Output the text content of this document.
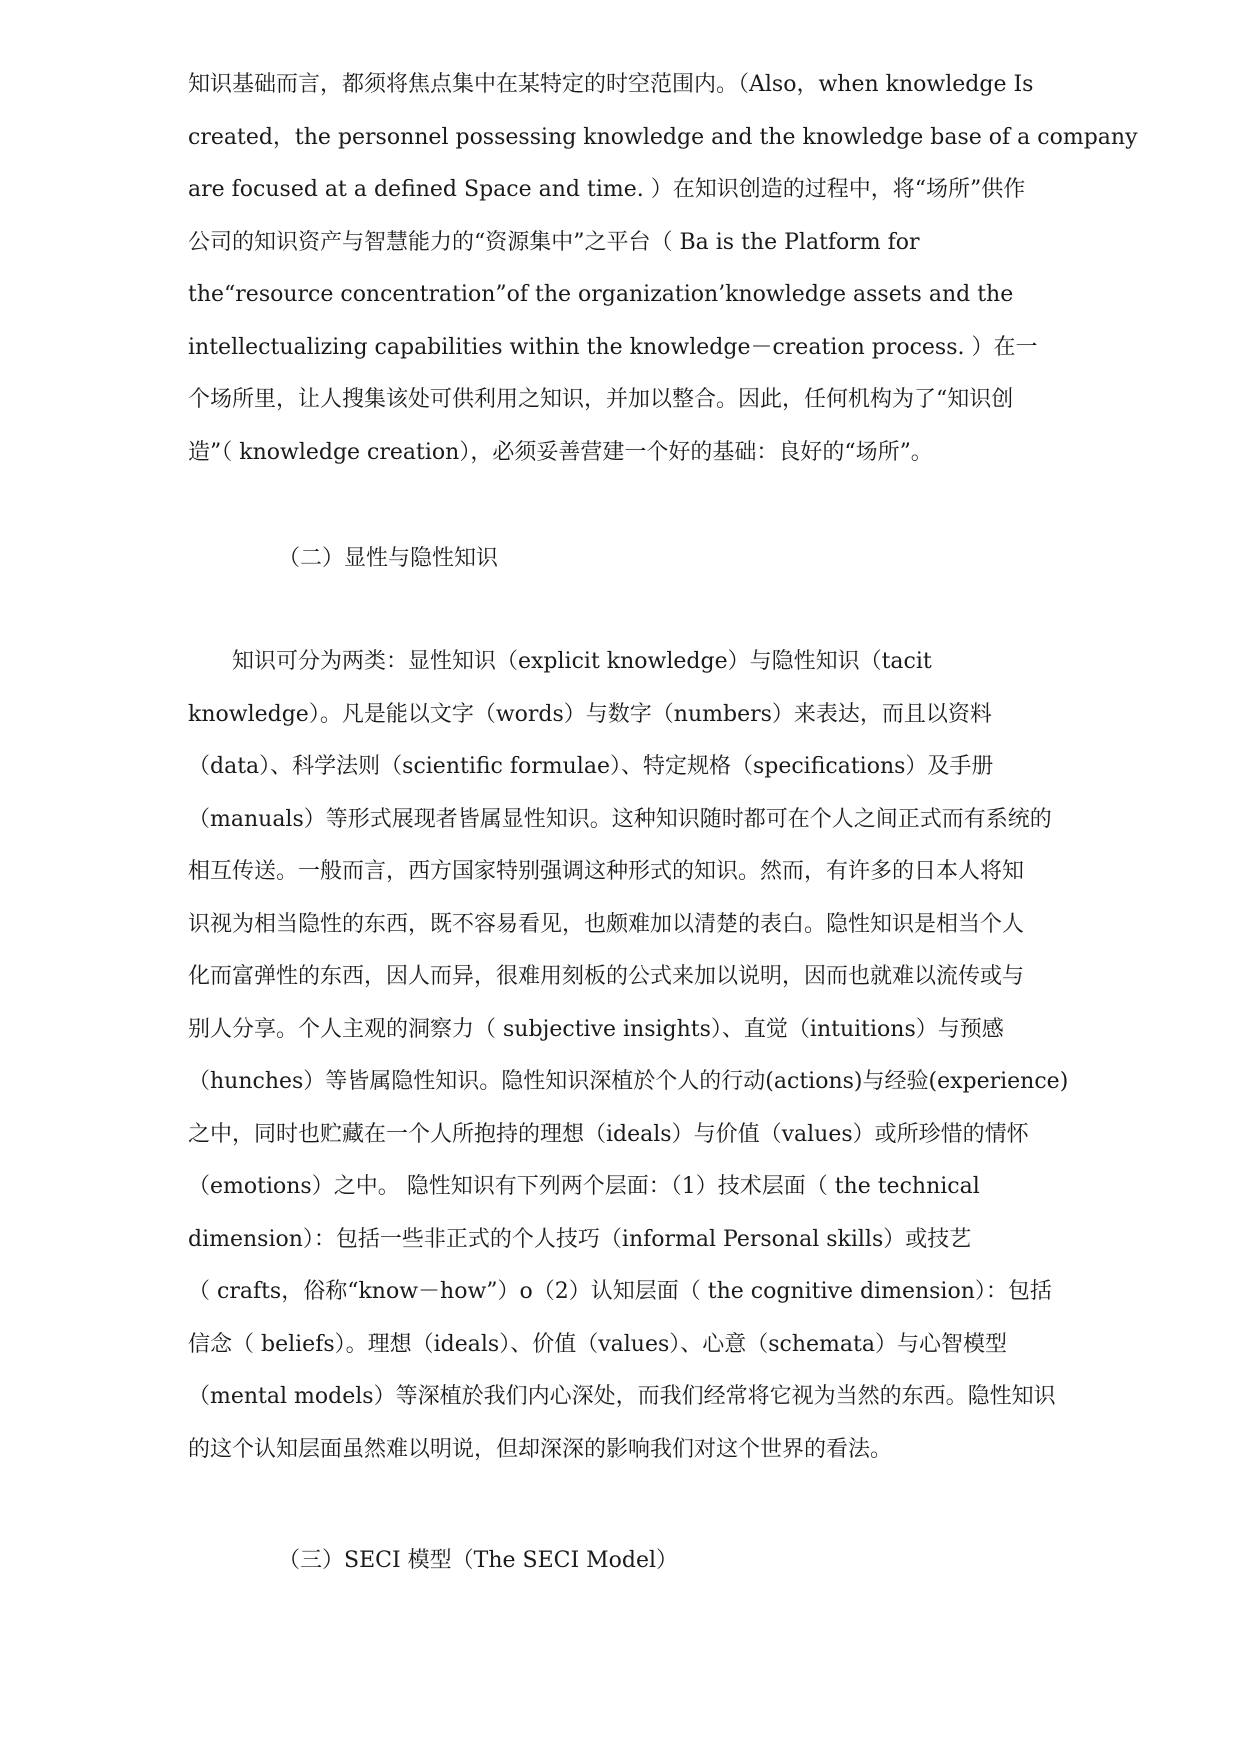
知识基础而言，都须将焦点集中在某特定的时空范围内。（Also，when knowledge Is
created，the personnel possessing knowledge and the knowledge base of a company
are focused at a defined Space and time. ）在知识创造的过程中，将“场所”供作
公司的知识资产与智慧能力的“资源集中”之平台（ Ba is the Platform for
the“resource concentration”of the organization’knowledge assets and the
intellectualizing capabilities within the knowledge－creation process. ）在一
个场所里，让人搜集该处可供利用之知识，并加以整合。因此，任何机构为了“知识创
造”（ knowledge creation），必须妥善营建一个好的基础：良好的“场所”。
（二）显性与隐性知识
　　知识可分为两类：显性知识（explicit knowledge）与隐性知识（tacit
knowledge）。凡是能以文字（words）与数字（numbers）来表达，而且以资料
（data）、科学法则（scientific formulae）、特定规格（specifications）及手册
（manuals）等形式展现者皆属显性知识。这种知识随时都可在个人之间正式而有系统的
相互传送。一般而言，西方国家特别强调这种形式的知识。然而，有许多的日本人将知
识视为相当隐性的东西，既不容易看见，也颇难加以清楚的表白。隐性知识是相当个人
化而富弹性的东西，因人而异，很难用刻板的公式来加以说明，因而也就难以流传或与
别人分享。个人主观的洞察力（ subjective insights）、直觉（intuitions）与预感
（hunches）等皆属隐性知识。隐性知识深植於个人的行动(actions)与经验(experience)
之中，同时也贮藏在一个人所抱持的理想（ideals）与价值（values）或所珍惜的情怀
（emotions）之中。 隐性知识有下列两个层面：（1）技术层面（ the technical
dimension）：包括一些非正式的个人技巧（informal Personal skills）或技艺
（ crafts，俗称“know－how”）o（2）认知层面（ the cognitive dimension）：包括
信念（ beliefs）。理想（ideals）、价值（values）、心意（schemata）与心智模型
（mental models）等深植於我们内心深处，而我们经常将它视为当然的东西。隐性知识
的这个认知层面虽然难以明说，但却深深的影响我们对这个世界的看法。
（三）SECI 模型（The SECI Model）
